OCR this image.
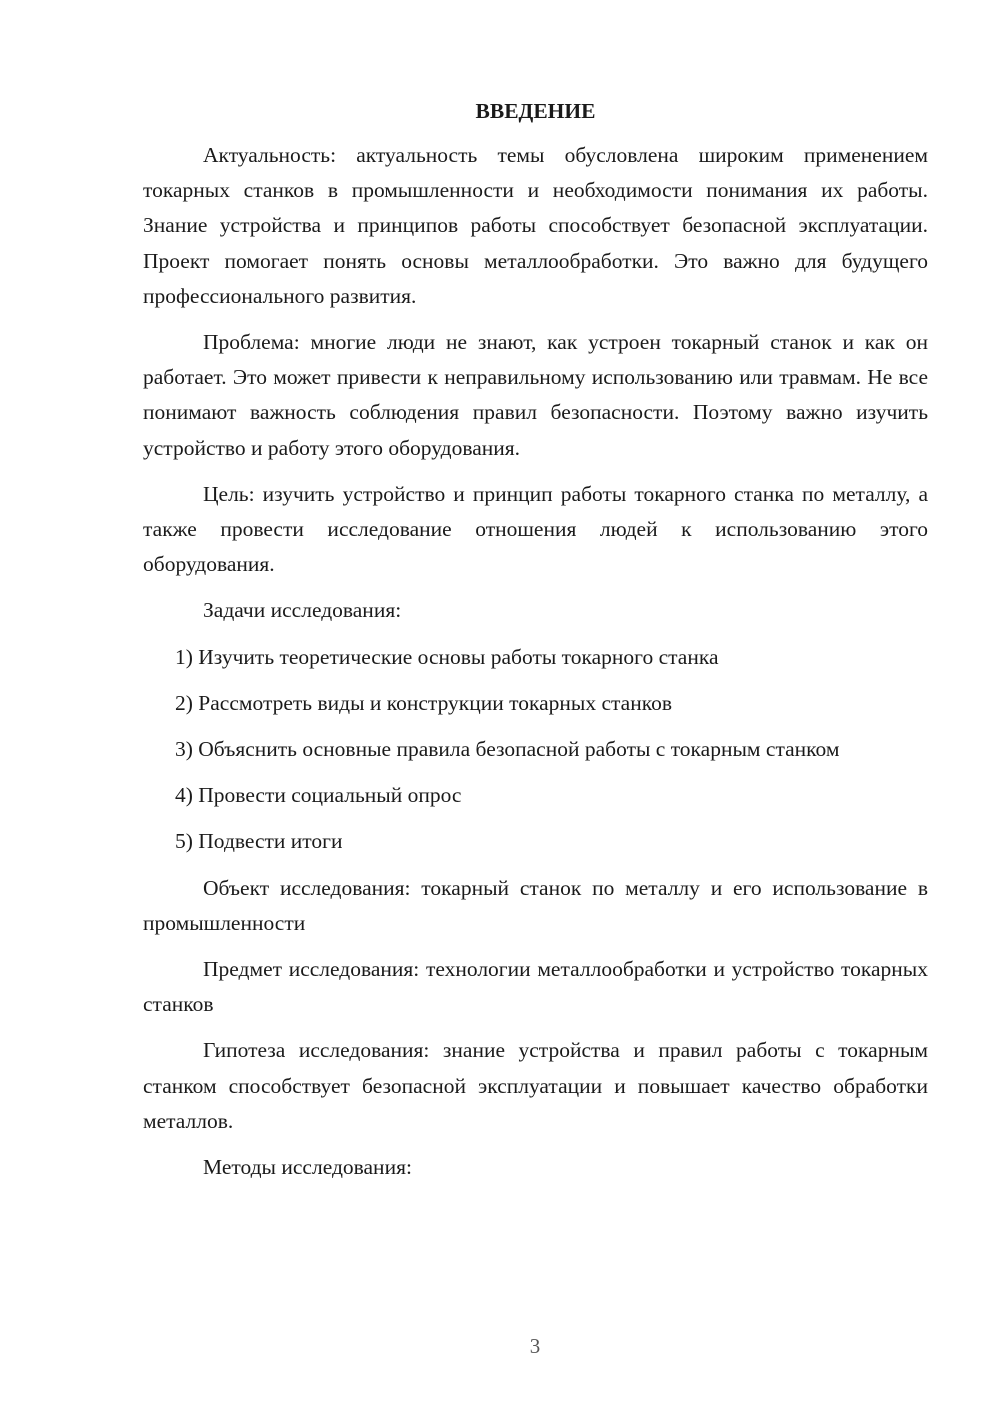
ВВЕДЕНИЕ

Актуальность: актуальность темы обусловлена широким применением токарных станков в промышленности и необходимости понимания их работы. Знание устройства и принципов работы способствует безопасной эксплуатации. Проект помогает понять основы металлообработки. Это важно для будущего профессионального развития.

Проблема: многие люди не знают, как устроен токарный станок и как он работает. Это может привести к неправильному использованию или травмам. Не все понимают важность соблюдения правил безопасности. Поэтому важно изучить устройство и работу этого оборудования.

Цель: изучить устройство и принцип работы токарного станка по металлу, а также провести исследование отношения людей к использованию этого оборудования.

Задачи исследования:

1) Изучить теоретические основы работы токарного станка

2) Рассмотреть виды и конструкции токарных станков

3) Объяснить основные правила безопасной работы с токарным станком

4) Провести социальный опрос

5) Подвести итоги

Объект исследования: токарный станок по металлу и его использование в промышленности

Предмет исследования: технологии металлообработки и устройство токарных станков

Гипотеза исследования: знание устройства и правил работы с токарным станком способствует безопасной эксплуатации и повышает качество обработки металлов.

Методы исследования:

3
